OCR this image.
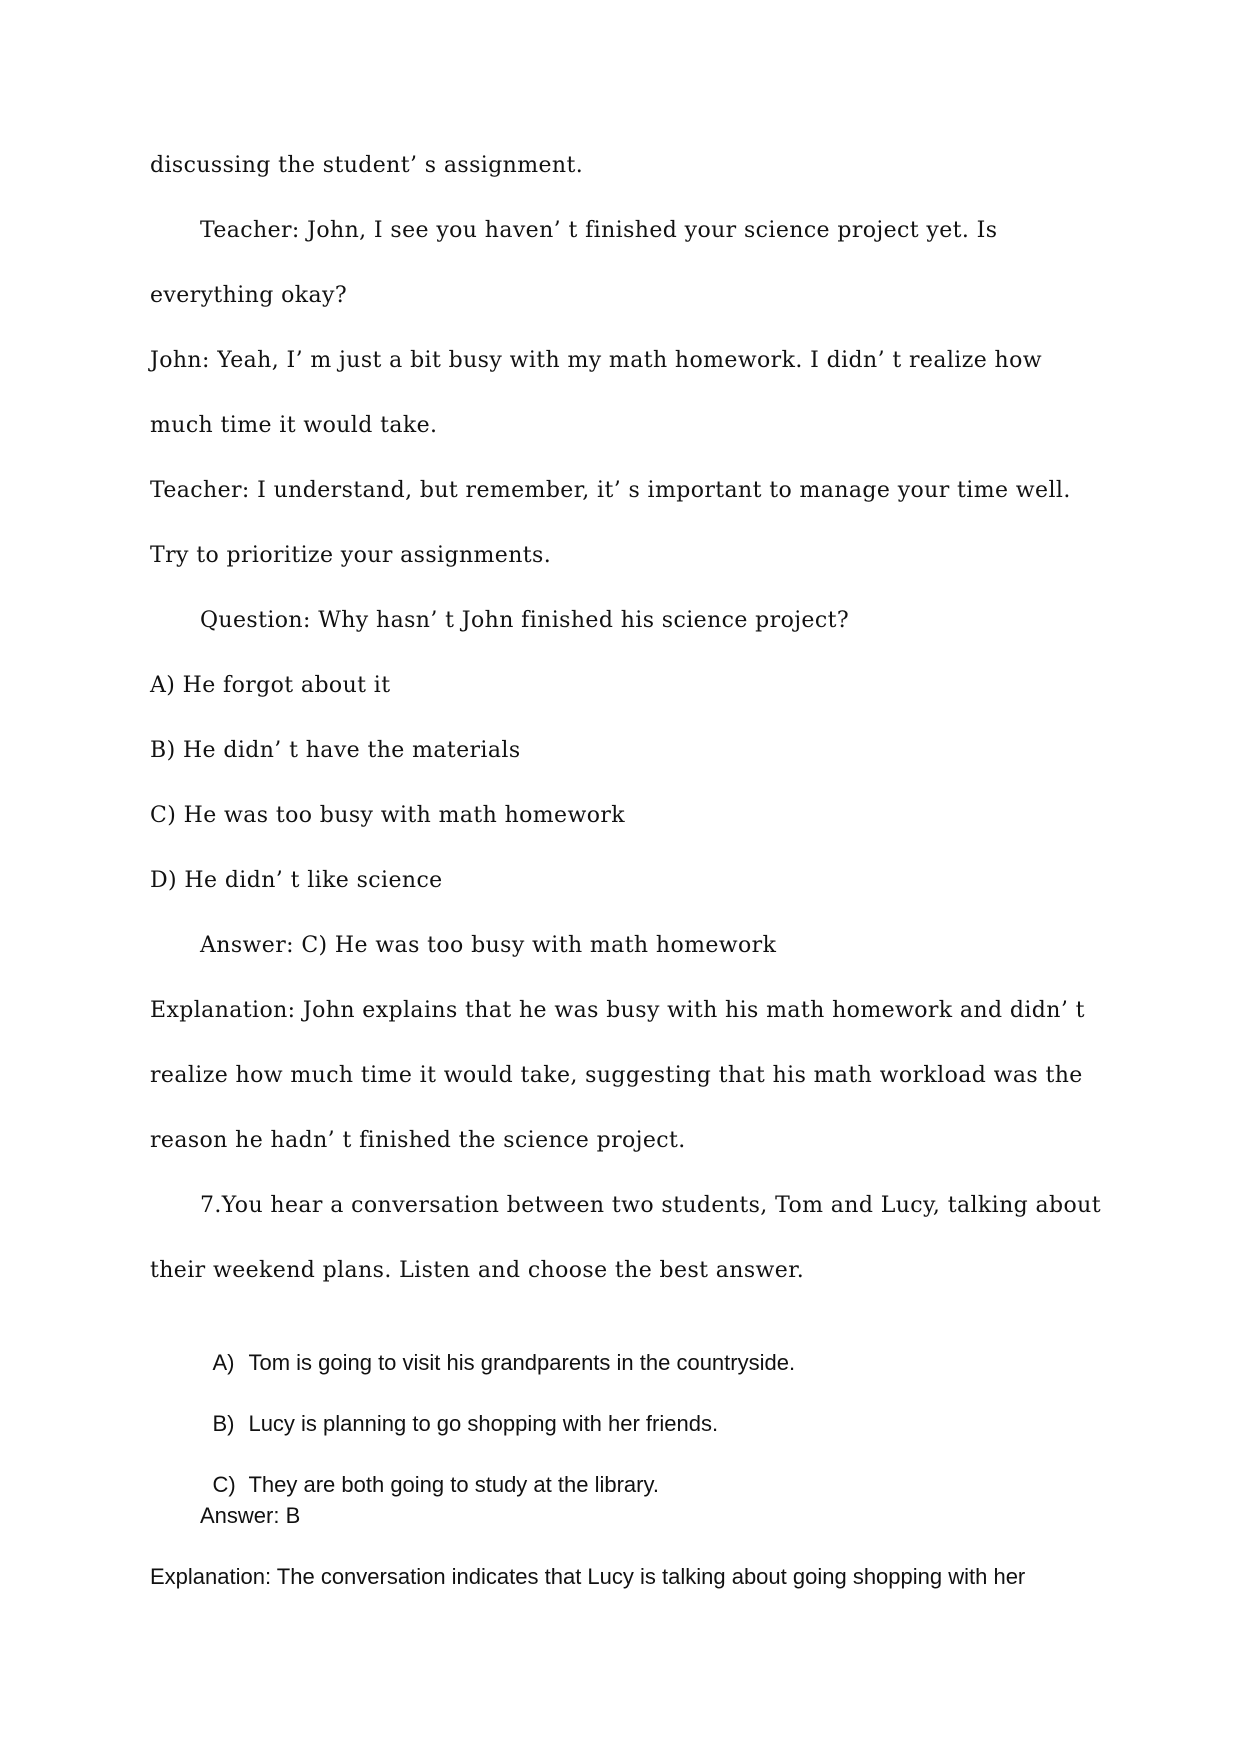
discussing the student’ s assignment.
Teacher: John, I see you haven’ t finished your science project yet. Is
everything okay?
John: Yeah, I’ m just a bit busy with my math homework. I didn’ t realize how
much time it would take.
Teacher: I understand, but remember, it’ s important to manage your time well.
Try to prioritize your assignments.
Question: Why hasn’ t John finished his science project?
A) He forgot about it
B) He didn’ t have the materials
C) He was too busy with math homework
D) He didn’ t like science
Answer: C) He was too busy with math homework
Explanation: John explains that he was busy with his math homework and didn’ t
realize how much time it would take, suggesting that his math workload was the
reason he hadn’ t finished the science project.
7.You hear a conversation between two students, Tom and Lucy, talking about
their weekend plans. Listen and choose the best answer.

A) Tom is going to visit his grandparents in the countryside.

B) Lucy is planning to go shopping with her friends.

C) They are both going to study at the library.

Answer: B
Explanation: The conversation indicates that Lucy is talking about going shopping with her
